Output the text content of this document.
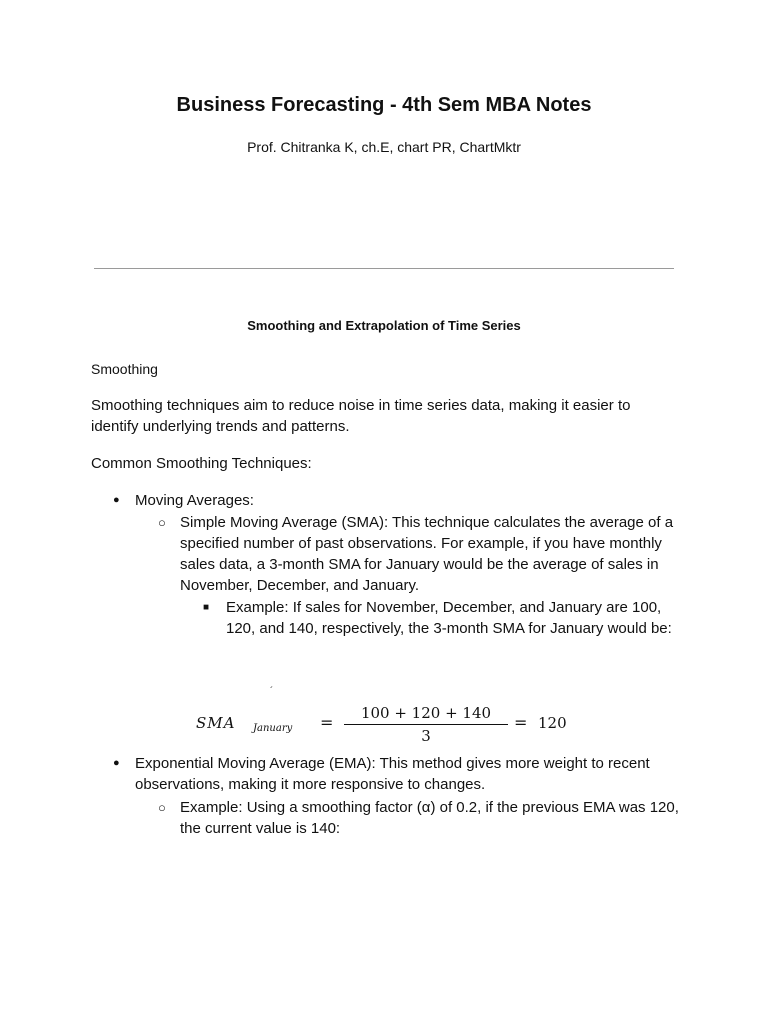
Business Forecasting - 4th Sem MBA Notes
Prof. Chitranka K, ch.E, chart PR, ChartMktr
Smoothing and Extrapolation of Time Series
Smoothing
Smoothing techniques aim to reduce noise in time series data, making it easier to identify underlying trends and patterns.
Common Smoothing Techniques:
● Moving Averages:
○ Simple Moving Average (SMA): This technique calculates the average of a specified number of past observations. For example, if you have monthly sales data, a 3-month SMA for January would be the average of sales in November, December, and January.
■ Example: If sales for November, December, and January are 100, 120, and 140, respectively, the 3-month SMA for January would be:
´
SMA January =	100 + 120 + 140
3
= 120
● Exponential Moving Average (EMA): This method gives more weight to recent observations, making it more responsive to changes.
○ Example: Using a smoothing factor (α) of 0.2, if the previous EMA was 120, the current value is 140:
